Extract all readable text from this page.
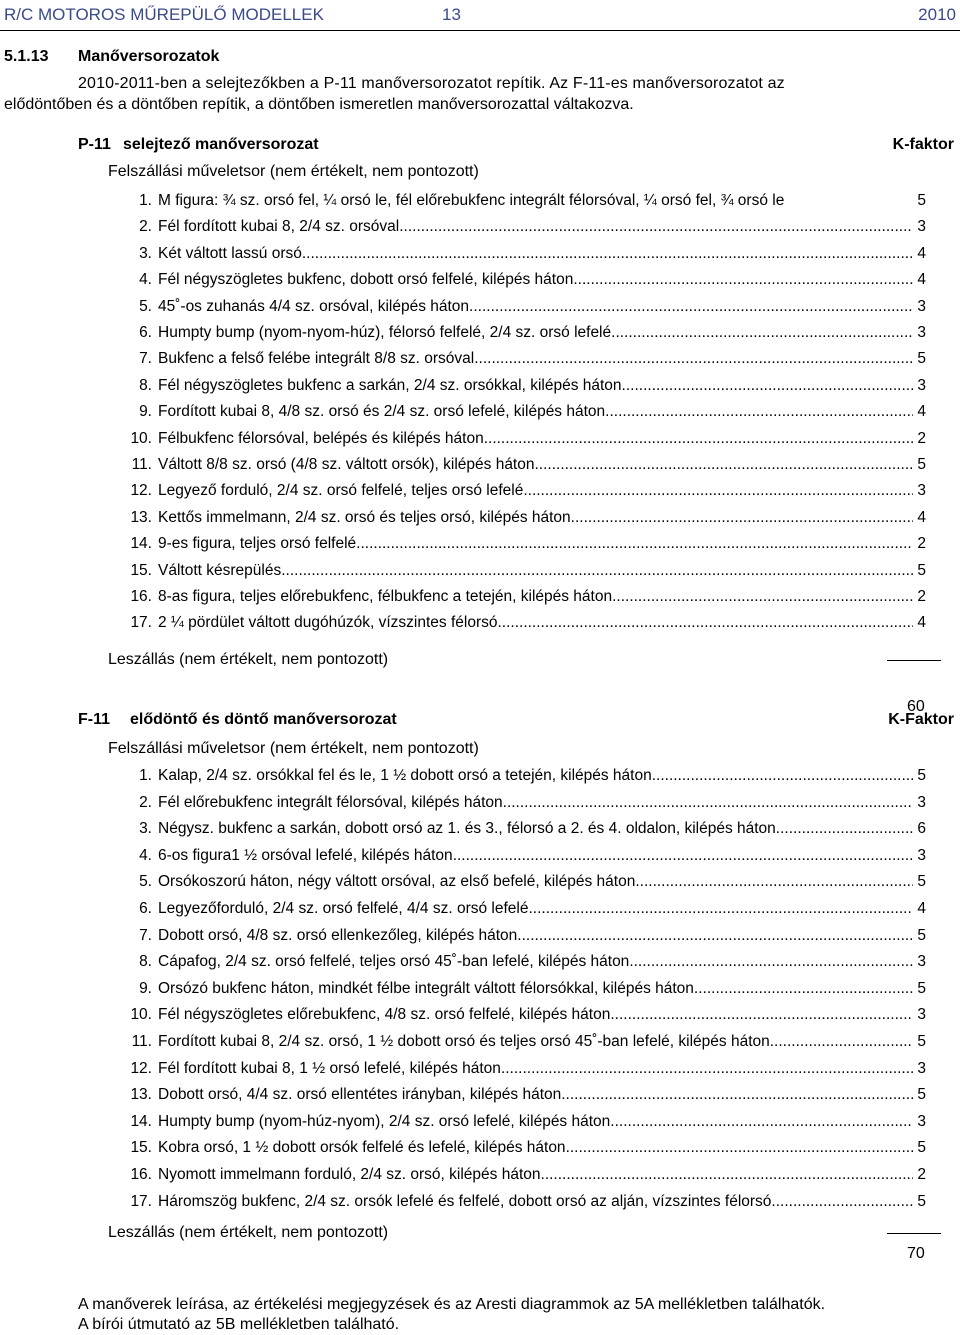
R/C MOTOROS MŰREPÜLŐ MODELLEK	13	2010
5.1.13 Manőversorozatok
2010-2011-ben a selejtezőkben a P-11 manőversorozatot repítik. Az F-11-es manőversorozatot az
elődöntőben és a döntőben repítik, a döntőben ismeretlen manőversorozattal váltakozva.
P-11 selejtező manőversorozat	K-faktor
Felszállási műveletsor (nem értékelt, nem pontozott)
1. M figura: ¾ sz. orsó fel, ¼ orsó le, fél előrebukfenc integrált félorsóval, ¼ orsó fel, ¾ orsó le	5
2. Fél fordított kubai 8, 2/4 sz. orsóval .....	3
3. Két váltott lassú orsó .....	4
4. Fél négyszögletes bukfenc, dobott orsó felfelé, kilépés háton .....	4
5. 45˚-os zuhanás 4/4 sz. orsóval, kilépés háton .....	3
6. Humpty bump (nyom-nyom-húz), félorsó felfelé, 2/4 sz. orsó lefelé .....	3
7. Bukfenc a felső felébe integrált 8/8 sz. orsóval .....	5
8. Fél négyszögletes bukfenc a sarkán, 2/4 sz. orsókkal, kilépés háton .....	3
9. Fordított kubai 8, 4/8 sz. orsó és 2/4 sz. orsó lefelé, kilépés háton .....	4
10. Félbukfenc félorsóval, belépés és kilépés háton .....	2
11. Váltott 8/8 sz. orsó (4/8 sz. váltott orsók), kilépés háton .....	5
12. Legyező forduló, 2/4 sz. orsó felfelé, teljes orsó lefelé .....	3
13. Kettős immelmann, 2/4 sz. orsó és teljes orsó, kilépés háton .....	4
14. 9-es figura, teljes orsó felfelé .....	2
15. Váltott késrepülés .....	5
16. 8-as figura, teljes előrebukfenc, félbukfenc a tetején, kilépés háton .....	2
17. 2 ¼ pördület váltott dugóhúzók, vízszintes félorsó .....	4
Leszállás (nem értékelt, nem pontozott)
60
F-11 elődöntő és döntő manőversorozat	K-Faktor
Felszállási műveletsor (nem értékelt, nem pontozott)
1. Kalap, 2/4 sz. orsókkal fel és le, 1 ½ dobott orsó a tetején, kilépés háton .....	5
2. Fél előrebukfenc integrált félorsóval, kilépés háton .....	3
3. Négysz. bukfenc a sarkán, dobott orsó az 1. és 3., félorsó a 2. és 4. oldalon, kilépés háton .....	6
4. 6-os figura1 ½ orsóval lefelé, kilépés háton .....	3
5. Orsókoszorú háton, négy váltott orsóval, az első befelé, kilépés háton .....	5
6. Legyezőforduló, 2/4 sz. orsó felfelé, 4/4 sz. orsó lefelé .....	4
7. Dobott orsó, 4/8 sz. orsó ellenkezőleg, kilépés háton .....	5
8. Cápafog, 2/4 sz. orsó felfelé, teljes orsó 45˚-ban lefelé, kilépés háton .....	3
9. Orsózó bukfenc háton, mindkét félbe integrált váltott félorsókkal, kilépés háton .....	5
10. Fél négyszögletes előrebukfenc, 4/8 sz. orsó felfelé, kilépés háton .....	3
11. Fordított kubai 8, 2/4 sz. orsó, 1 ½ dobott orsó és teljes orsó 45˚-ban lefelé, kilépés háton .....	5
12. Fél fordított kubai 8, 1 ½ orsó lefelé, kilépés háton .....	3
13. Dobott orsó, 4/4 sz. orsó ellentétes irányban, kilépés háton .....	5
14. Humpty bump (nyom-húz-nyom), 2/4 sz. orsó lefelé, kilépés háton .....	3
15. Kobra orsó, 1 ½ dobott orsók felfelé és lefelé, kilépés háton .....	5
16. Nyomott immelmann forduló, 2/4 sz. orsó, kilépés háton .....	2
17. Háromszög bukfenc, 2/4 sz. orsók lefelé és felfelé, dobott orsó az alján, vízszintes félorsó .....	5
Leszállás (nem értékelt, nem pontozott)
70
A manőverek leírása, az értékelési megjegyzések és az Aresti diagrammok az 5A mellékletben találhatók.
A bírói útmutató az 5B mellékletben található.
